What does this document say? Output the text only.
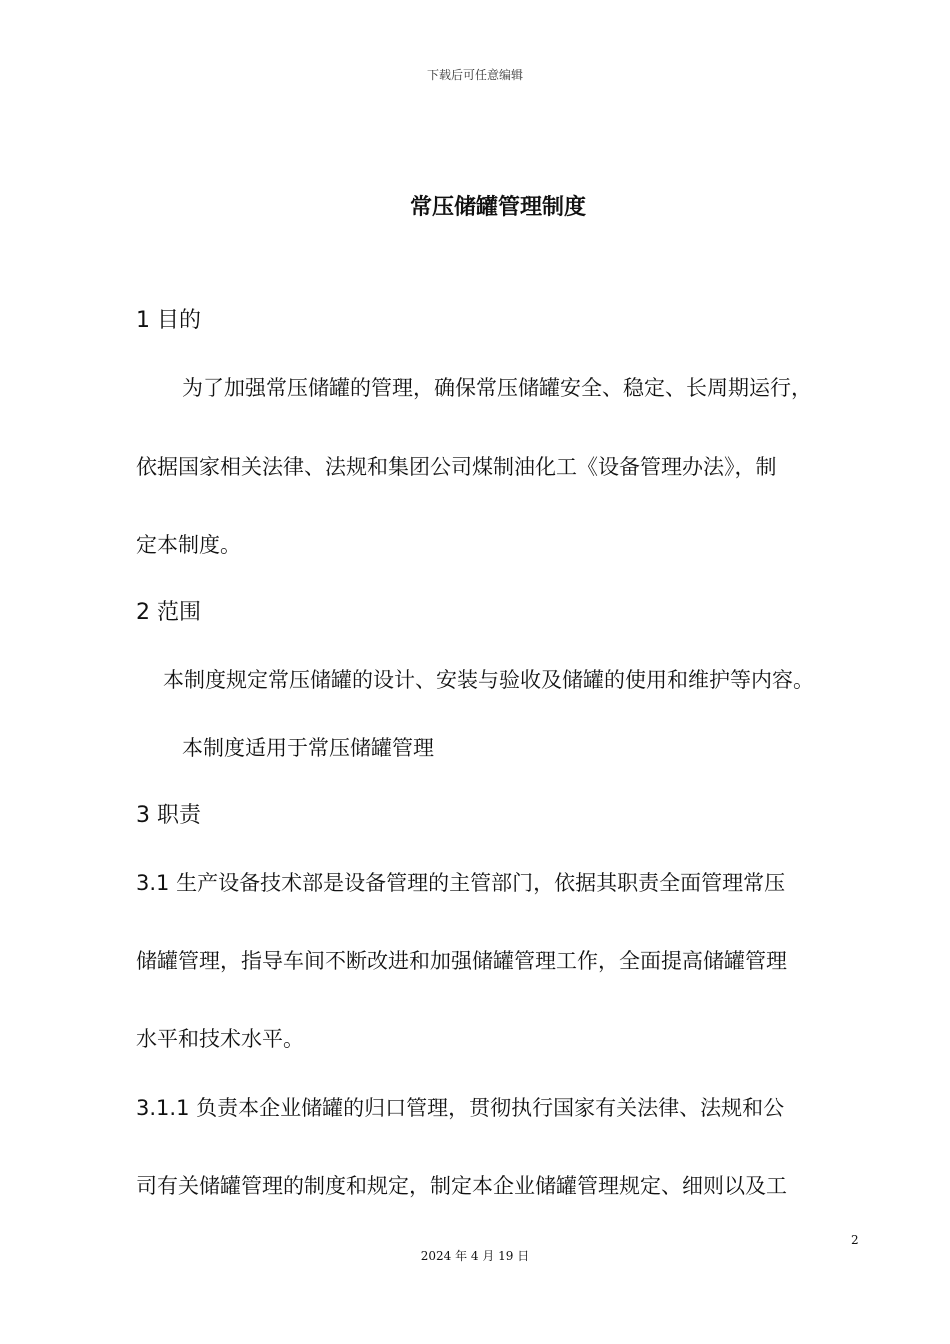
下载后可任意编辑
常压储罐管理制度
1 目的
为了加强常压储罐的管理，确保常压储罐安全、稳定、长周期运行，
依据国家相关法律、法规和集团公司煤制油化工《设备管理办法》，制
定本制度。
2 范围
本制度规定常压储罐的设计、安装与验收及储罐的使用和维护等内容。
本制度适用于常压储罐管理
3 职责
3.1 生产设备技术部是设备管理的主管部门，依据其职责全面管理常压
储罐管理，指导车间不断改进和加强储罐管理工作，全面提高储罐管理
水平和技术水平。
3.1.1 负责本企业储罐的归口管理，贯彻执行国家有关法律、法规和公
司有关储罐管理的制度和规定，制定本企业储罐管理规定、细则以及工
2
2024 年 4 月 19 日
